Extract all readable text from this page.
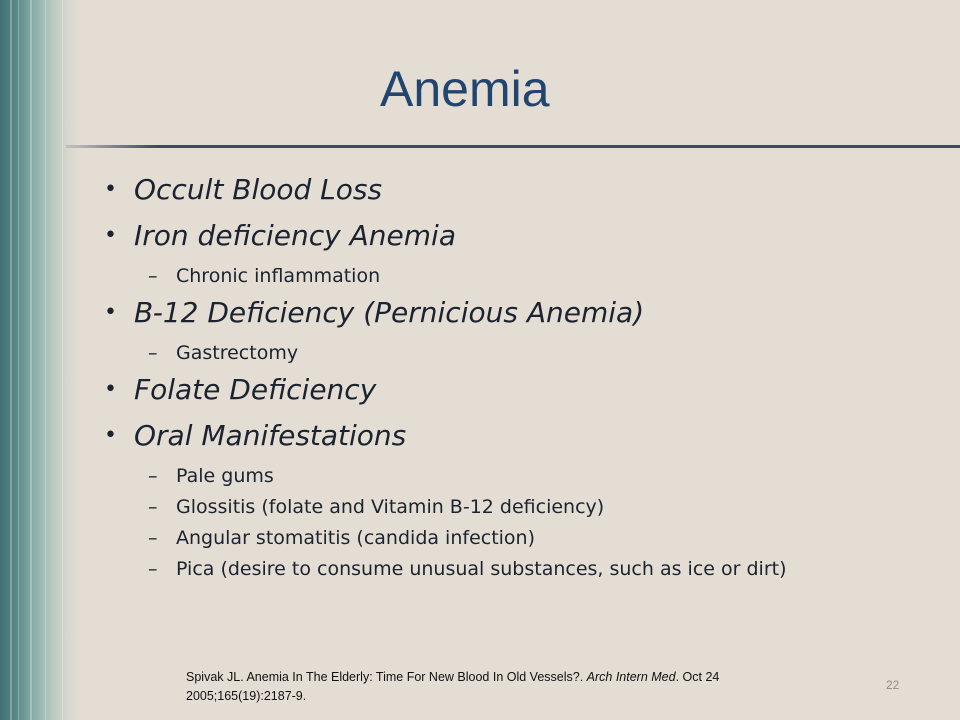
Anemia
• Occult Blood Loss
• Iron deficiency Anemia
– Chronic inflammation
• B-12 Deficiency (Pernicious Anemia)
– Gastrectomy
• Folate Deficiency
• Oral Manifestations
– Pale gums
– Glossitis (folate and Vitamin B-12 deficiency)
– Angular stomatitis (candida infection)
– Pica (desire to consume unusual substances, such as ice or dirt)
Spivak JL. Anemia In The Elderly: Time For New Blood In Old Vessels?. Arch Intern Med. Oct 24 2005;165(19):2187-9.
22
